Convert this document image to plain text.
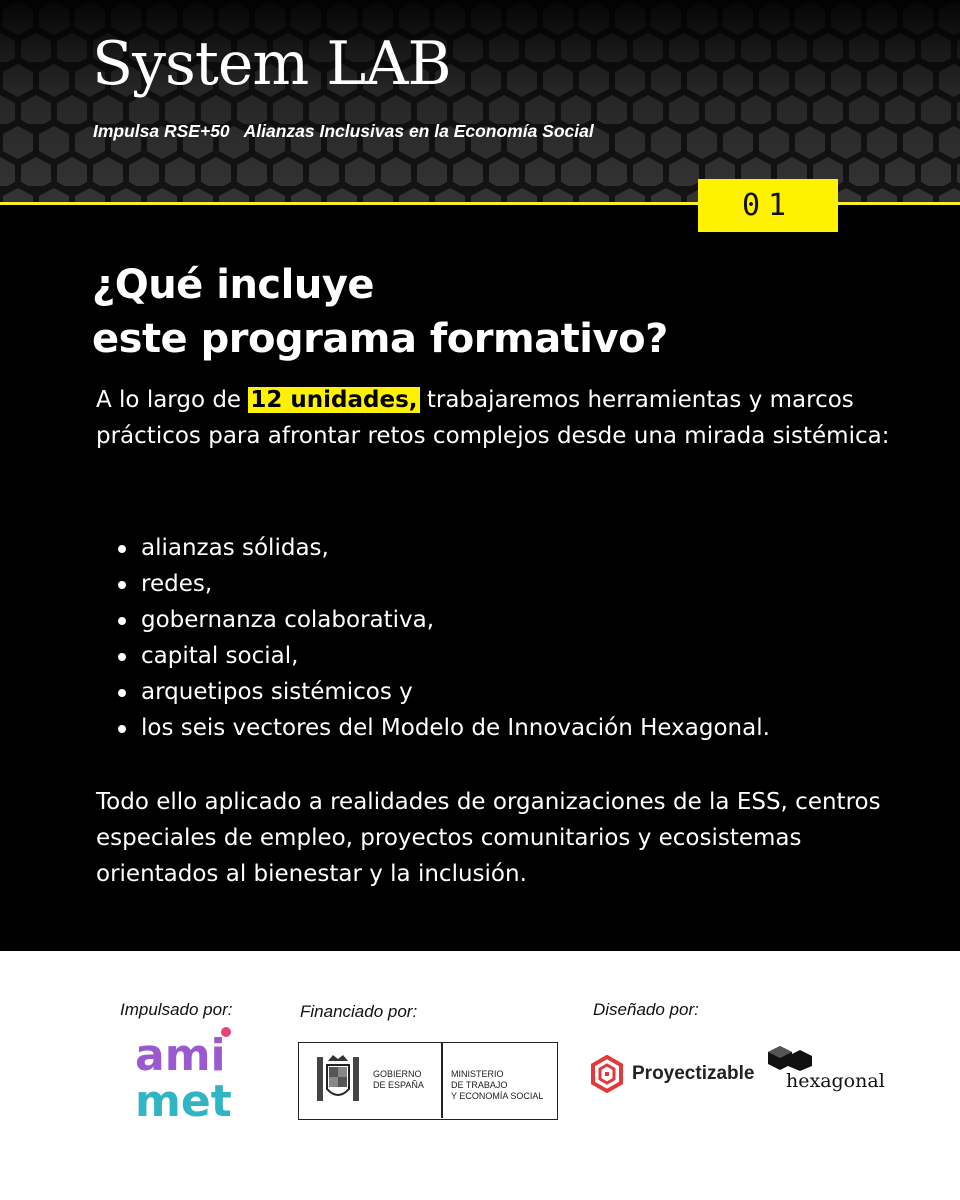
System LAB
Impulsa RSE+50   Alianzas Inclusivas en la Economía Social
01
¿Qué incluye
este programa formativo?

A lo largo de 12 unidades, trabajaremos herramientas y marcos prácticos para afrontar retos complejos desde una mirada sistémica:

alianzas sólidas,
redes,
gobernanza colaborativa,
capital social,
arquetipos sistémicos y
los seis vectores del Modelo de Innovación Hexagonal.

Todo ello aplicado a realidades de organizaciones de la ESS, centros especiales de empleo, proyectos comunitarios y ecosistemas orientados al bienestar y la inclusión.

Impulsado por:	Financiado por:	Diseñado por:
ami
met
GOBIERNO
DE ESPAÑA
MINISTERIO
DE TRABAJO
Y ECONOMÍA SOCIAL
Proyectizable hexagonal
